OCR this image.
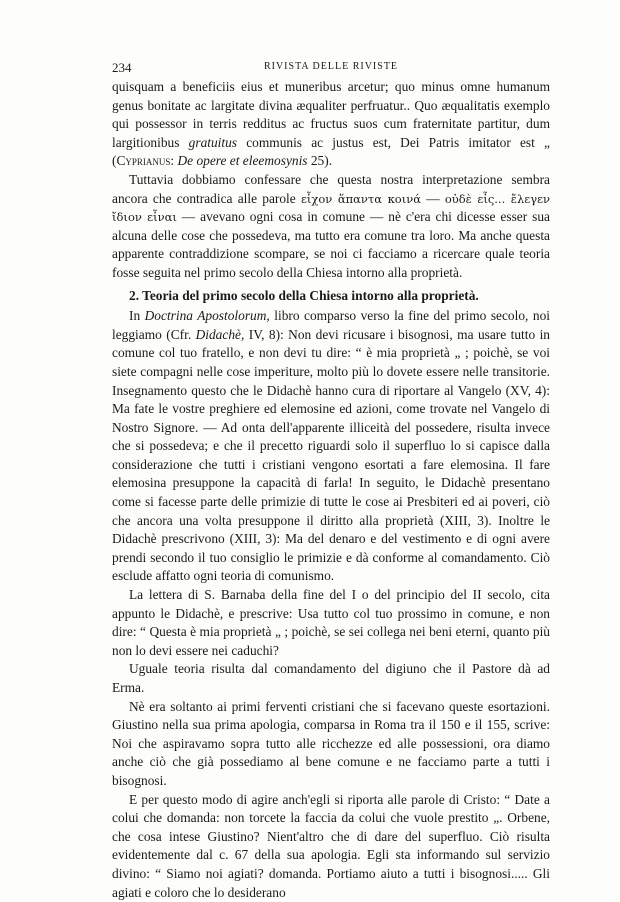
234	RIVISTA DELLE RIVISTE

quisquam a beneficiis eius et muneribus arcetur; quo minus omne humanum genus bonitate ac largitate divina æqualiter perfruatur.. Quo æqualitatis exemplo qui possessor in terris redditus ac fructus suos cum fraternitate partitur, dum largitionibus gratuitus communis ac justus est, Dei Patris imitator est „ (Cyprianus: De opere et eleemosynis 25).

Tuttavia dobbiamo confessare che questa nostra interpretazione sembra ancora che contradica alle parole εἶχον ἅπαντα κοινά — οὐδὲ εἷς... ἔλεγεν ἴδιον εἶναι — avevano ogni cosa in comune — nè c'era chi dicesse esser sua alcuna delle cose che possedeva, ma tutto era comune tra loro. Ma anche questa apparente contraddizione scompare, se noi ci facciamo a ricercare quale teoria fosse seguita nel primo secolo della Chiesa intorno alla proprietà.

2. Teoria del primo secolo della Chiesa intorno alla proprietà.

In Doctrina Apostolorum, libro comparso verso la fine del primo secolo, noi leggiamo (Cfr. Didachè, IV, 8): Non devi ricusare i bisognosi, ma usare tutto in comune col tuo fratello, e non devi tu dire: “ è mia proprietà „ ; poichè, se voi siete compagni nelle cose imperiture, molto più lo dovete essere nelle transitorie. Insegnamento questo che le Didachè hanno cura di riportare al Vangelo (XV, 4): Ma fate le vostre preghiere ed elemosine ed azioni, come trovate nel Vangelo di Nostro Signore. — Ad onta dell'apparente illiceità del possedere, risulta invece che si possedeva; e che il precetto riguardi solo il superfluo lo si capisce dalla considerazione che tutti i cristiani vengono esortati a fare elemosina. Il fare elemosina presuppone la capacità di farla! In seguito, le Didachè presentano come si facesse parte delle primizie di tutte le cose ai Presbiteri ed ai poveri, ciò che ancora una volta presuppone il diritto alla proprietà (XIII, 3). Inoltre le Didachè prescrivono (XIII, 3): Ma del denaro e del vestimento e di ogni avere prendi secondo il tuo consiglio le primizie e dà conforme al comandamento. Ciò esclude affatto ogni teoria di comunismo.

La lettera di S. Barnaba della fine del I o del principio del II secolo, cita appunto le Didachè, e prescrive: Usa tutto col tuo prossimo in comune, e non dire: “ Questa è mia proprietà „ ; poichè, se sei collega nei beni eterni, quanto più non lo devi essere nei caduchi?

Uguale teoria risulta dal comandamento del digiuno che il Pastore dà ad Erma.

Nè era soltanto ai primi ferventi cristiani che si facevano queste esortazioni. Giustino nella sua prima apologia, comparsa in Roma tra il 150 e il 155, scrive: Noi che aspiravamo sopra tutto alle ricchezze ed alle possessioni, ora diamo anche ciò che già possediamo al bene comune e ne facciamo parte a tutti i bisognosi.

E per questo modo di agire anch'egli si riporta alle parole di Cristo: “ Date a colui che domanda: non torcete la faccia da colui che vuole prestito „. Orbene, che cosa intese Giustino? Nient'altro che di dare del superfluo. Ciò risulta evidentemente dal c. 67 della sua apologia. Egli sta informando sul servizio divino: “ Siamo noi agiati? domanda. Portiamo aiuto a tutti i bisognosi..... Gli agiati e coloro che lo desiderano
